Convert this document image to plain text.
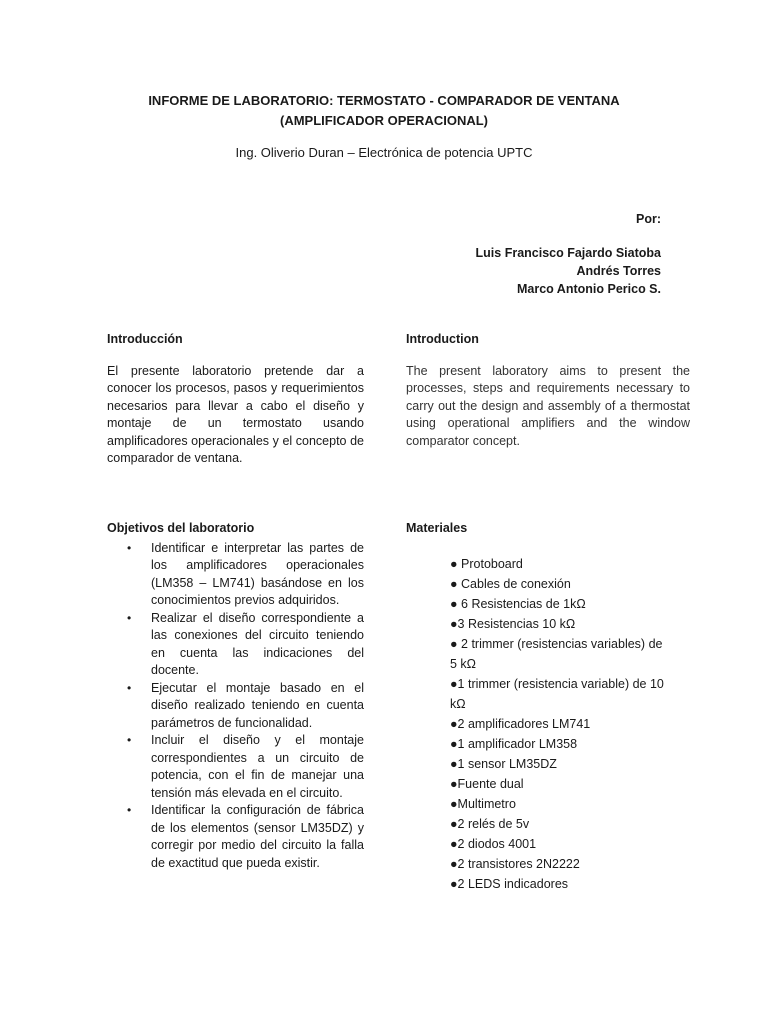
INFORME DE LABORATORIO: TERMOSTATO - COMPARADOR DE VENTANA (AMPLIFICADOR OPERACIONAL)
Ing. Oliverio Duran – Electrónica de potencia UPTC
Por:
Luis Francisco Fajardo Siatoba
Andrés Torres
Marco Antonio Perico S.
Introducción
El presente laboratorio pretende dar a conocer los procesos, pasos y requerimientos necesarios para llevar a cabo el diseño y montaje de un termostato usando amplificadores operacionales y el concepto de comparador de ventana.
Introduction
The present laboratory aims to present the processes, steps and requirements necessary to carry out the design and assembly of a thermostat using operational amplifiers and the window comparator concept.
Objetivos del laboratorio
• Identificar e interpretar las partes de los amplificadores operacionales (LM358 – LM741) basándose en los conocimientos previos adquiridos.
• Realizar el diseño correspondiente a las conexiones del circuito teniendo en cuenta las indicaciones del docente.
• Ejecutar el montaje basado en el diseño realizado teniendo en cuenta parámetros de funcionalidad.
• Incluir el diseño y el montaje correspondientes a un circuito de potencia, con el fin de manejar una tensión más elevada en el circuito.
• Identificar la configuración de fábrica de los elementos (sensor LM35DZ) y corregir por medio del circuito la falla de exactitud que pueda existir.
Materiales
● Protoboard
● Cables de conexión
● 6 Resistencias de 1kΩ
●3 Resistencias 10 kΩ
● 2 trimmer (resistencias variables) de 5 kΩ
●1 trimmer (resistencia variable) de 10 kΩ
●2 amplificadores LM741
●1 amplificador LM358
●1 sensor LM35DZ
●Fuente dual
●Multimetro
●2 relés de 5v
●2 diodos 4001
●2 transistores 2N2222
●2 LEDS indicadores
